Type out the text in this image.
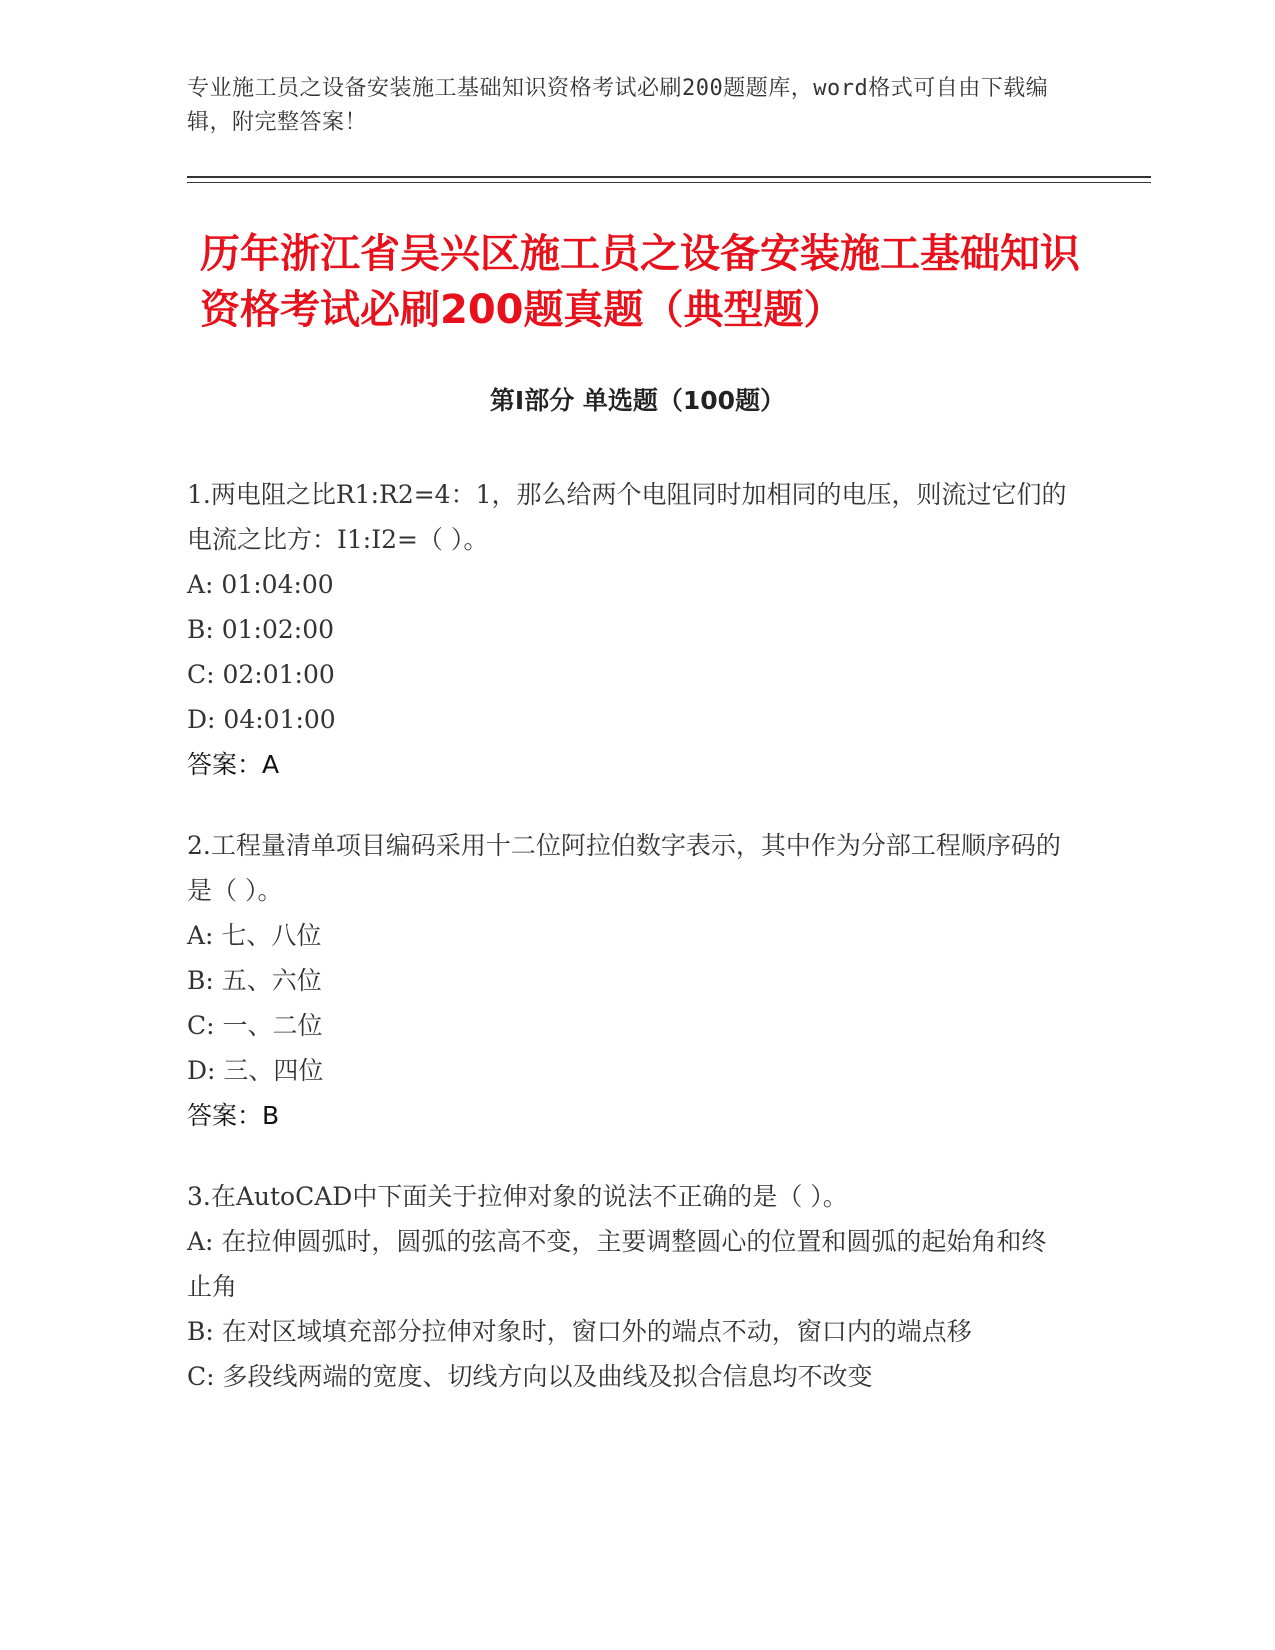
专业施工员之设备安装施工基础知识资格考试必刷200题题库，word格式可自由下载编辑，附完整答案！
历年浙江省吴兴区施工员之设备安装施工基础知识资格考试必刷200题真题（典型题）
第I部分 单选题（100题）

1.两电阻之比R1:R2=4：1，那么给两个电阻同时加相同的电压，则流过它们的电流之比方：I1:I2=（ ）。

A: 01:04:00

B: 01:02:00

C: 02:01:00

D: 04:01:00

答案：A

2.工程量清单项目编码采用十二位阿拉伯数字表示，其中作为分部工程顺序码的是（ ）。

A: 七、八位

B: 五、六位

C: 一、二位

D: 三、四位

答案：B

3.在AutoCAD中下面关于拉伸对象的说法不正确的是（ ）。

A: 在拉伸圆弧时，圆弧的弦高不变，主要调整圆心的位置和圆弧的起始角和终止角

B: 在对区域填充部分拉伸对象时，窗口外的端点不动，窗口内的端点移

C: 多段线两端的宽度、切线方向以及曲线及拟合信息均不改变
